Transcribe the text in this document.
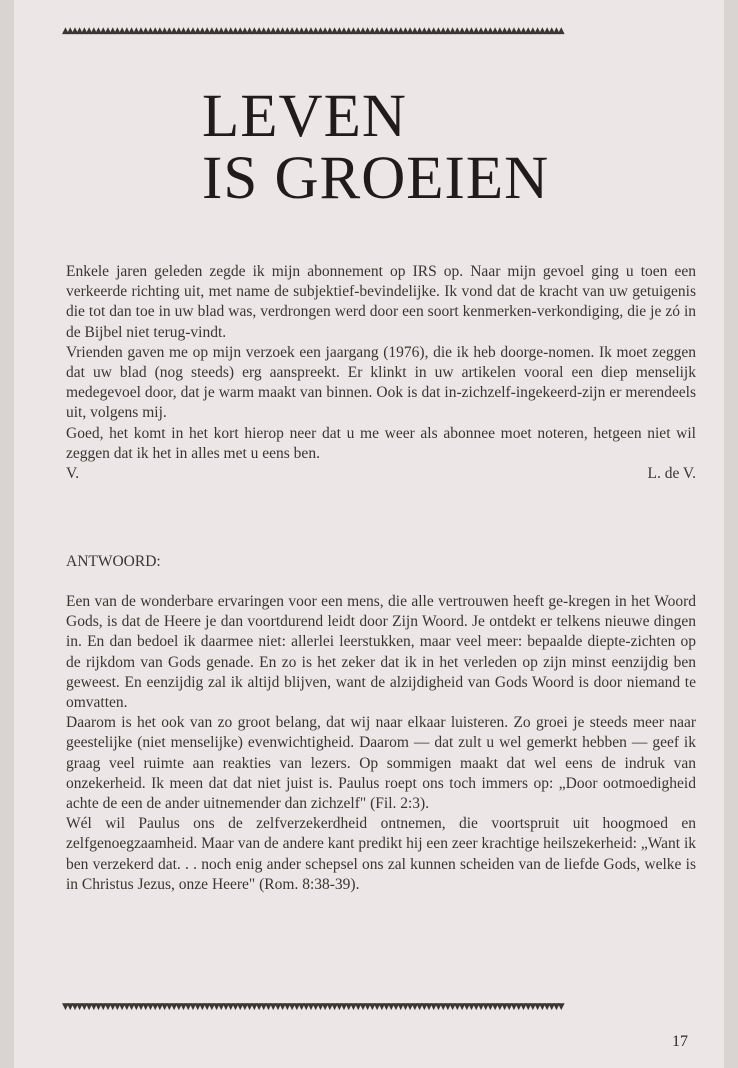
▲▲▲▲▲▲▲▲▲▲▲▲▲▲▲▲▲▲▲▲▲▲▲▲▲▲▲▲▲▲▲▲▲▲▲▲▲▲▲▲▲▲▲▲▲▲▲▲▲▲▲▲▲▲▲▲▲▲▲▲▲▲▲▲▲▲▲▲▲▲▲▲▲▲▲▲▲▲▲▲▲▲▲▲▲▲▲▲▲▲▲▲▲▲▲▲▲▲▲▲▲▲▲▲▲▲
LEVEN
IS GROEIEN

Enkele jaren geleden zegde ik mijn abonnement op IRS op. Naar mijn gevoel ging u toen een verkeerde richting uit, met name de subjektief-bevindelijke. Ik vond dat de kracht van uw getuigenis die tot dan toe in uw blad was, verdrongen werd door een soort kenmerken-verkondiging, die je zó in de Bijbel niet terug-vindt.

Vrienden gaven me op mijn verzoek een jaargang (1976), die ik heb doorge-nomen. Ik moet zeggen dat uw blad (nog steeds) erg aanspreekt. Er klinkt in uw artikelen vooral een diep menselijk medegevoel door, dat je warm maakt van binnen. Ook is dat in-zichzelf-ingekeerd-zijn er merendeels uit, volgens mij.

Goed, het komt in het kort hierop neer dat u me weer als abonnee moet noteren, hetgeen niet wil zeggen dat ik het in alles met u eens ben.

V.	L. de V.
ANTWOORD:

Een van de wonderbare ervaringen voor een mens, die alle vertrouwen heeft ge-kregen in het Woord Gods, is dat de Heere je dan voortdurend leidt door Zijn Woord. Je ontdekt er telkens nieuwe dingen in. En dan bedoel ik daarmee niet: allerlei leerstukken, maar veel meer: bepaalde diepte-zichten op de rijkdom van Gods genade. En zo is het zeker dat ik in het verleden op zijn minst eenzijdig ben geweest. En eenzijdig zal ik altijd blijven, want de alzijdigheid van Gods Woord is door niemand te omvatten.

Daarom is het ook van zo groot belang, dat wij naar elkaar luisteren. Zo groei je steeds meer naar geestelijke (niet menselijke) evenwichtigheid. Daarom — dat zult u wel gemerkt hebben — geef ik graag veel ruimte aan reakties van lezers. Op sommigen maakt dat wel eens de indruk van onzekerheid. Ik meen dat dat niet juist is. Paulus roept ons toch immers op: „Door ootmoedigheid achte de een de ander uitnemender dan zichzelf" (Fil. 2:3).

Wél wil Paulus ons de zelfverzekerdheid ontnemen, die voortspruit uit hoogmoed en zelfgenoegzaamheid. Maar van de andere kant predikt hij een zeer krachtige heilszekerheid: „Want ik ben verzekerd dat. . . noch enig ander schepsel ons zal kunnen scheiden van de liefde Gods, welke is in Christus Jezus, onze Heere" (Rom. 8:38-39).

▼▼▼▼▼▼▼▼▼▼▼▼▼▼▼▼▼▼▼▼▼▼▼▼▼▼▼▼▼▼▼▼▼▼▼▼▼▼▼▼▼▼▼▼▼▼▼▼▼▼▼▼▼▼▼▼▼▼▼▼▼▼▼▼▼▼▼▼▼▼▼▼▼▼▼▼▼▼▼▼▼▼▼▼▼▼▼▼▼▼▼▼▼▼▼▼▼▼▼▼▼▼▼▼▼▼
17
